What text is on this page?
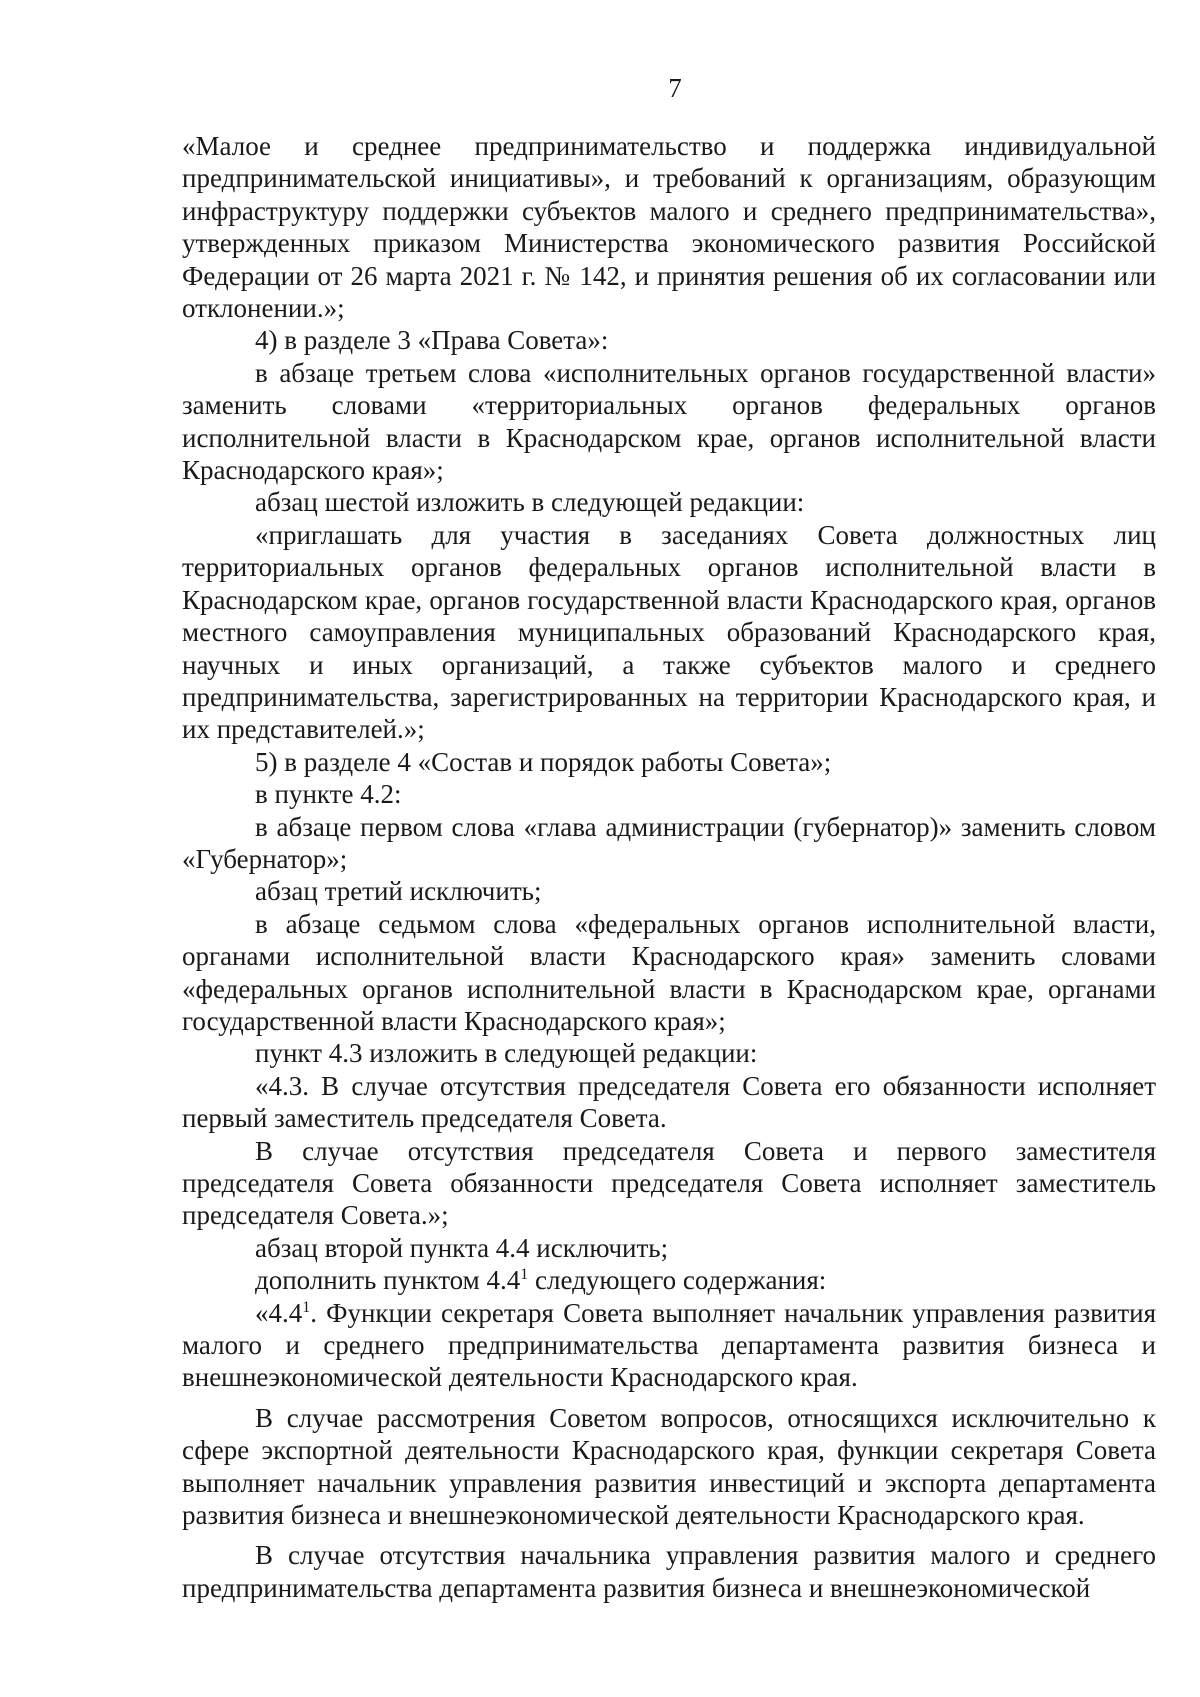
7

«Малое и среднее предпринимательство и поддержка индивидуальной предпринимательской инициативы», и требований к организациям, образующим инфраструктуру поддержки субъектов малого и среднего предпринимательства», утвержденных приказом Министерства экономического развития Российской Федерации от 26 марта 2021 г. № 142, и принятия решения об их согласовании или отклонении.»;

4) в разделе 3 «Права Совета»:

в абзаце третьем слова «исполнительных органов государственной власти» заменить словами «территориальных органов федеральных органов исполнительной власти в Краснодарском крае, органов исполнительной власти Краснодарского края»;

абзац шестой изложить в следующей редакции:

«приглашать для участия в заседаниях Совета должностных лиц территориальных органов федеральных органов исполнительной власти в Краснодарском крае, органов государственной власти Краснодарского края, органов местного самоуправления муниципальных образований Краснодарского края, научных и иных организаций, а также субъектов малого и среднего предпринимательства, зарегистрированных на территории Краснодарского края, и их представителей.»;

5) в разделе 4 «Состав и порядок работы Совета»;

в пункте 4.2:

в абзаце первом слова «глава администрации (губернатор)» заменить словом «Губернатор»;

абзац третий исключить;

в абзаце седьмом слова «федеральных органов исполнительной власти, органами исполнительной власти Краснодарского края» заменить словами «федеральных органов исполнительной власти в Краснодарском крае, органами государственной власти Краснодарского края»;

пункт 4.3 изложить в следующей редакции:

«4.3. В случае отсутствия председателя Совета его обязанности исполняет первый заместитель председателя Совета.

В случае отсутствия председателя Совета и первого заместителя председателя Совета обязанности председателя Совета исполняет заместитель председателя Совета.»;

абзац второй пункта 4.4 исключить;

дополнить пунктом $4.4^1$ следующего содержания:

«$4.4^1$. Функции секретаря Совета выполняет начальник управления развития малого и среднего предпринимательства департамента развития бизнеса и внешнеэкономической деятельности Краснодарского края.

В случае рассмотрения Советом вопросов, относящихся исключительно к сфере экспортной деятельности Краснодарского края, функции секретаря Совета выполняет начальник управления развития инвестиций и экспорта департамента развития бизнеса и внешнеэкономической деятельности Краснодарского края.

В случае отсутствия начальника управления развития малого и среднего предпринимательства департамента развития бизнеса и внешнеэкономической
